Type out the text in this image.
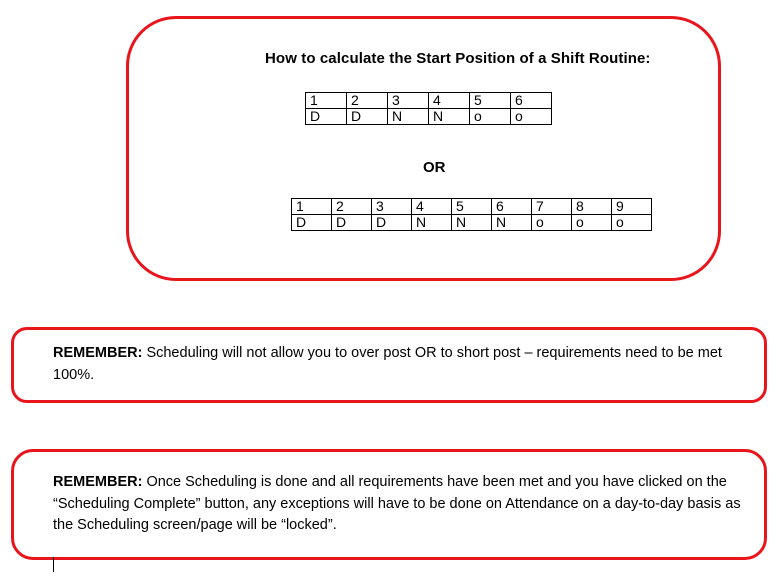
How to calculate the Start Position of a Shift Routine:
1	2	3	4	5	6
D	D	N	N	o	o
OR
1	2	3	4	5	6	7	8	9
D	D	D	N	N	N	o	o	o
REMEMBER: Scheduling will not allow you to over post OR to short post – requirements need to be met 100%.
REMEMBER: Once Scheduling is done and all requirements have been met and you have clicked on the “Scheduling Complete” button, any exceptions will have to be done on Attendance on a day-to-day basis as the Scheduling screen/page will be “locked”.
